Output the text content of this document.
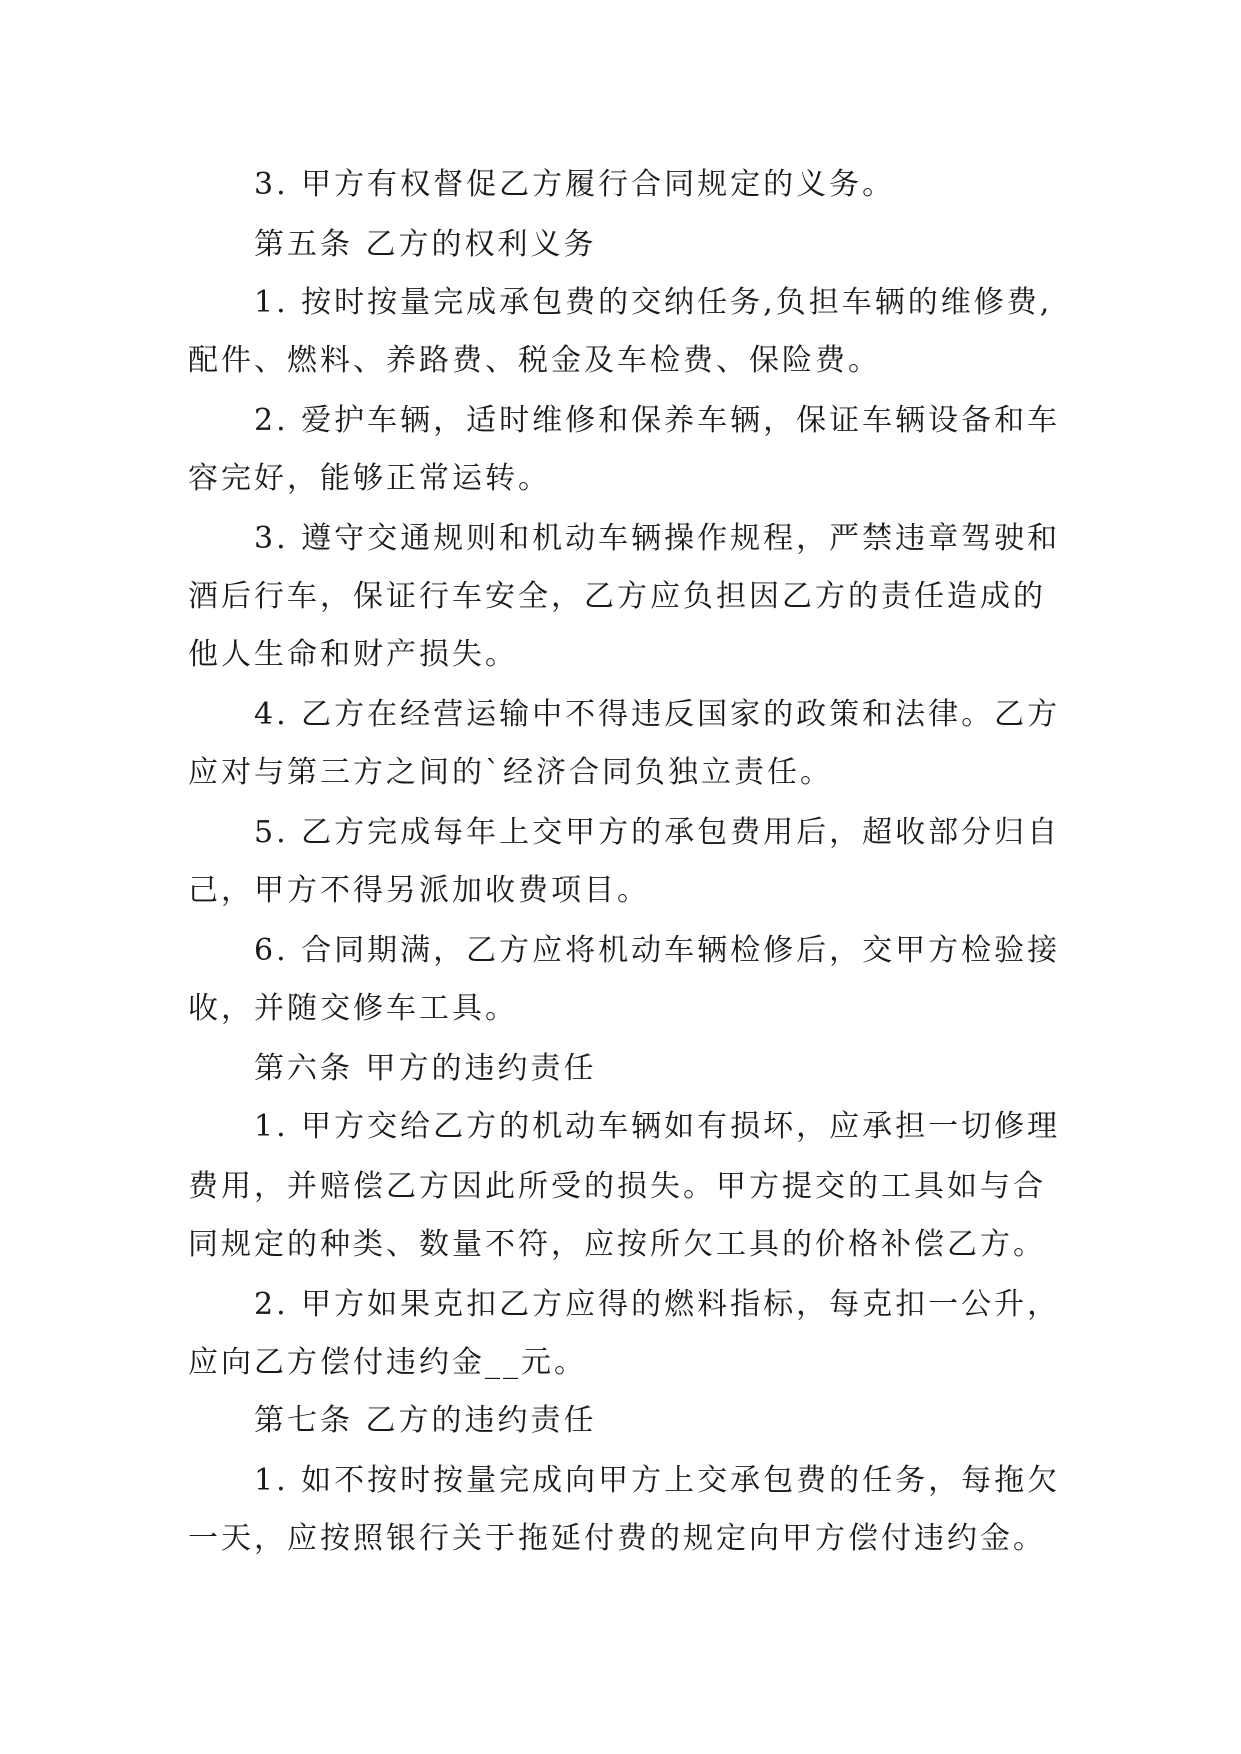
3. 甲方有权督促乙方履行合同规定的义务。
第五条 乙方的权利义务
1. 按时按量完成承包费的交纳任务,负担车辆的维修费,
配件、燃料、养路费、税金及车检费、保险费。
2. 爱护车辆，适时维修和保养车辆，保证车辆设备和车
容完好，能够正常运转。
3. 遵守交通规则和机动车辆操作规程，严禁违章驾驶和
酒后行车，保证行车安全，乙方应负担因乙方的责任造成的
他人生命和财产损失。
4. 乙方在经营运输中不得违反国家的政策和法律。乙方
应对与第三方之间的`经济合同负独立责任。
5. 乙方完成每年上交甲方的承包费用后，超收部分归自
己，甲方不得另派加收费项目。
6. 合同期满，乙方应将机动车辆检修后，交甲方检验接
收，并随交修车工具。
第六条 甲方的违约责任
1. 甲方交给乙方的机动车辆如有损坏，应承担一切修理
费用，并赔偿乙方因此所受的损失。甲方提交的工具如与合
同规定的种类、数量不符，应按所欠工具的价格补偿乙方。
2. 甲方如果克扣乙方应得的燃料指标，每克扣一公升，
应向乙方偿付违约金__元。
第七条 乙方的违约责任
1. 如不按时按量完成向甲方上交承包费的任务，每拖欠
一天，应按照银行关于拖延付费的规定向甲方偿付违约金。
